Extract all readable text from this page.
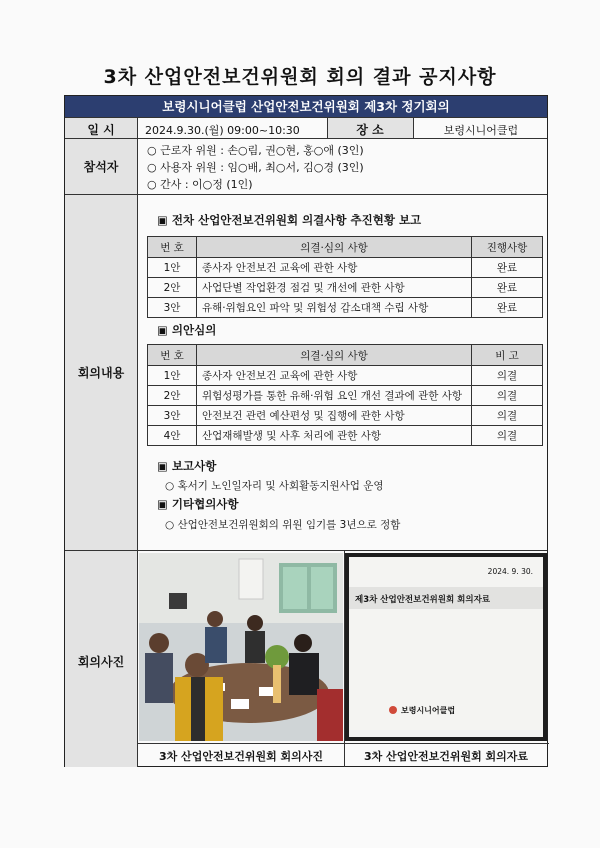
3차 산업안전보건위원회 회의 결과 공지사항
보령시니어클럽 산업안전보건위원회 제3차 정기회의
일 시	2024.9.30.(월) 09:00~10:30	장 소	보령시니어클럽
참석자
○ 근로자 위원 : 손○림, 권○현, 홍○애 (3인)
○ 사용자 위원 : 임○배, 최○서, 김○경 (3인)
○ 간사 : 이○정 (1인)
회의내용
▣ 전차 산업안전보건위원회 의결사항 추진현황 보고
번 호	의결·심의 사항	진행사항
1안	종사자 안전보건 교육에 관한 사항	완료
2안	사업단별 작업환경 점검 및 개선에 관한 사항	완료
3안	유해·위험요인 파악 및 위험성 감소대책 수립 사항	완료
▣ 의안심의
번 호	의결·심의 사항	비 고
1안	종사자 안전보건 교육에 관한 사항	의결
2안	위험성평가를 통한 유해·위험 요인 개선 결과에 관한 사항	의결
3안	안전보건 관련 예산편성 및 집행에 관한 사항	의결
4안	산업재해발생 및 사후 처리에 관한 사항	의결
▣ 보고사항
○ 혹서기 노인일자리 및 사회활동지원사업 운영
▣ 기타협의사항
○ 산업안전보건위원회의 위원 임기를 3년으로 정함
회의사진
2024. 9. 30.
제3차 산업안전보건위원회 회의자료
보령시니어클럽
3차 산업안전보건위원회 회의사진	3차 산업안전보건위원회 회의자료
